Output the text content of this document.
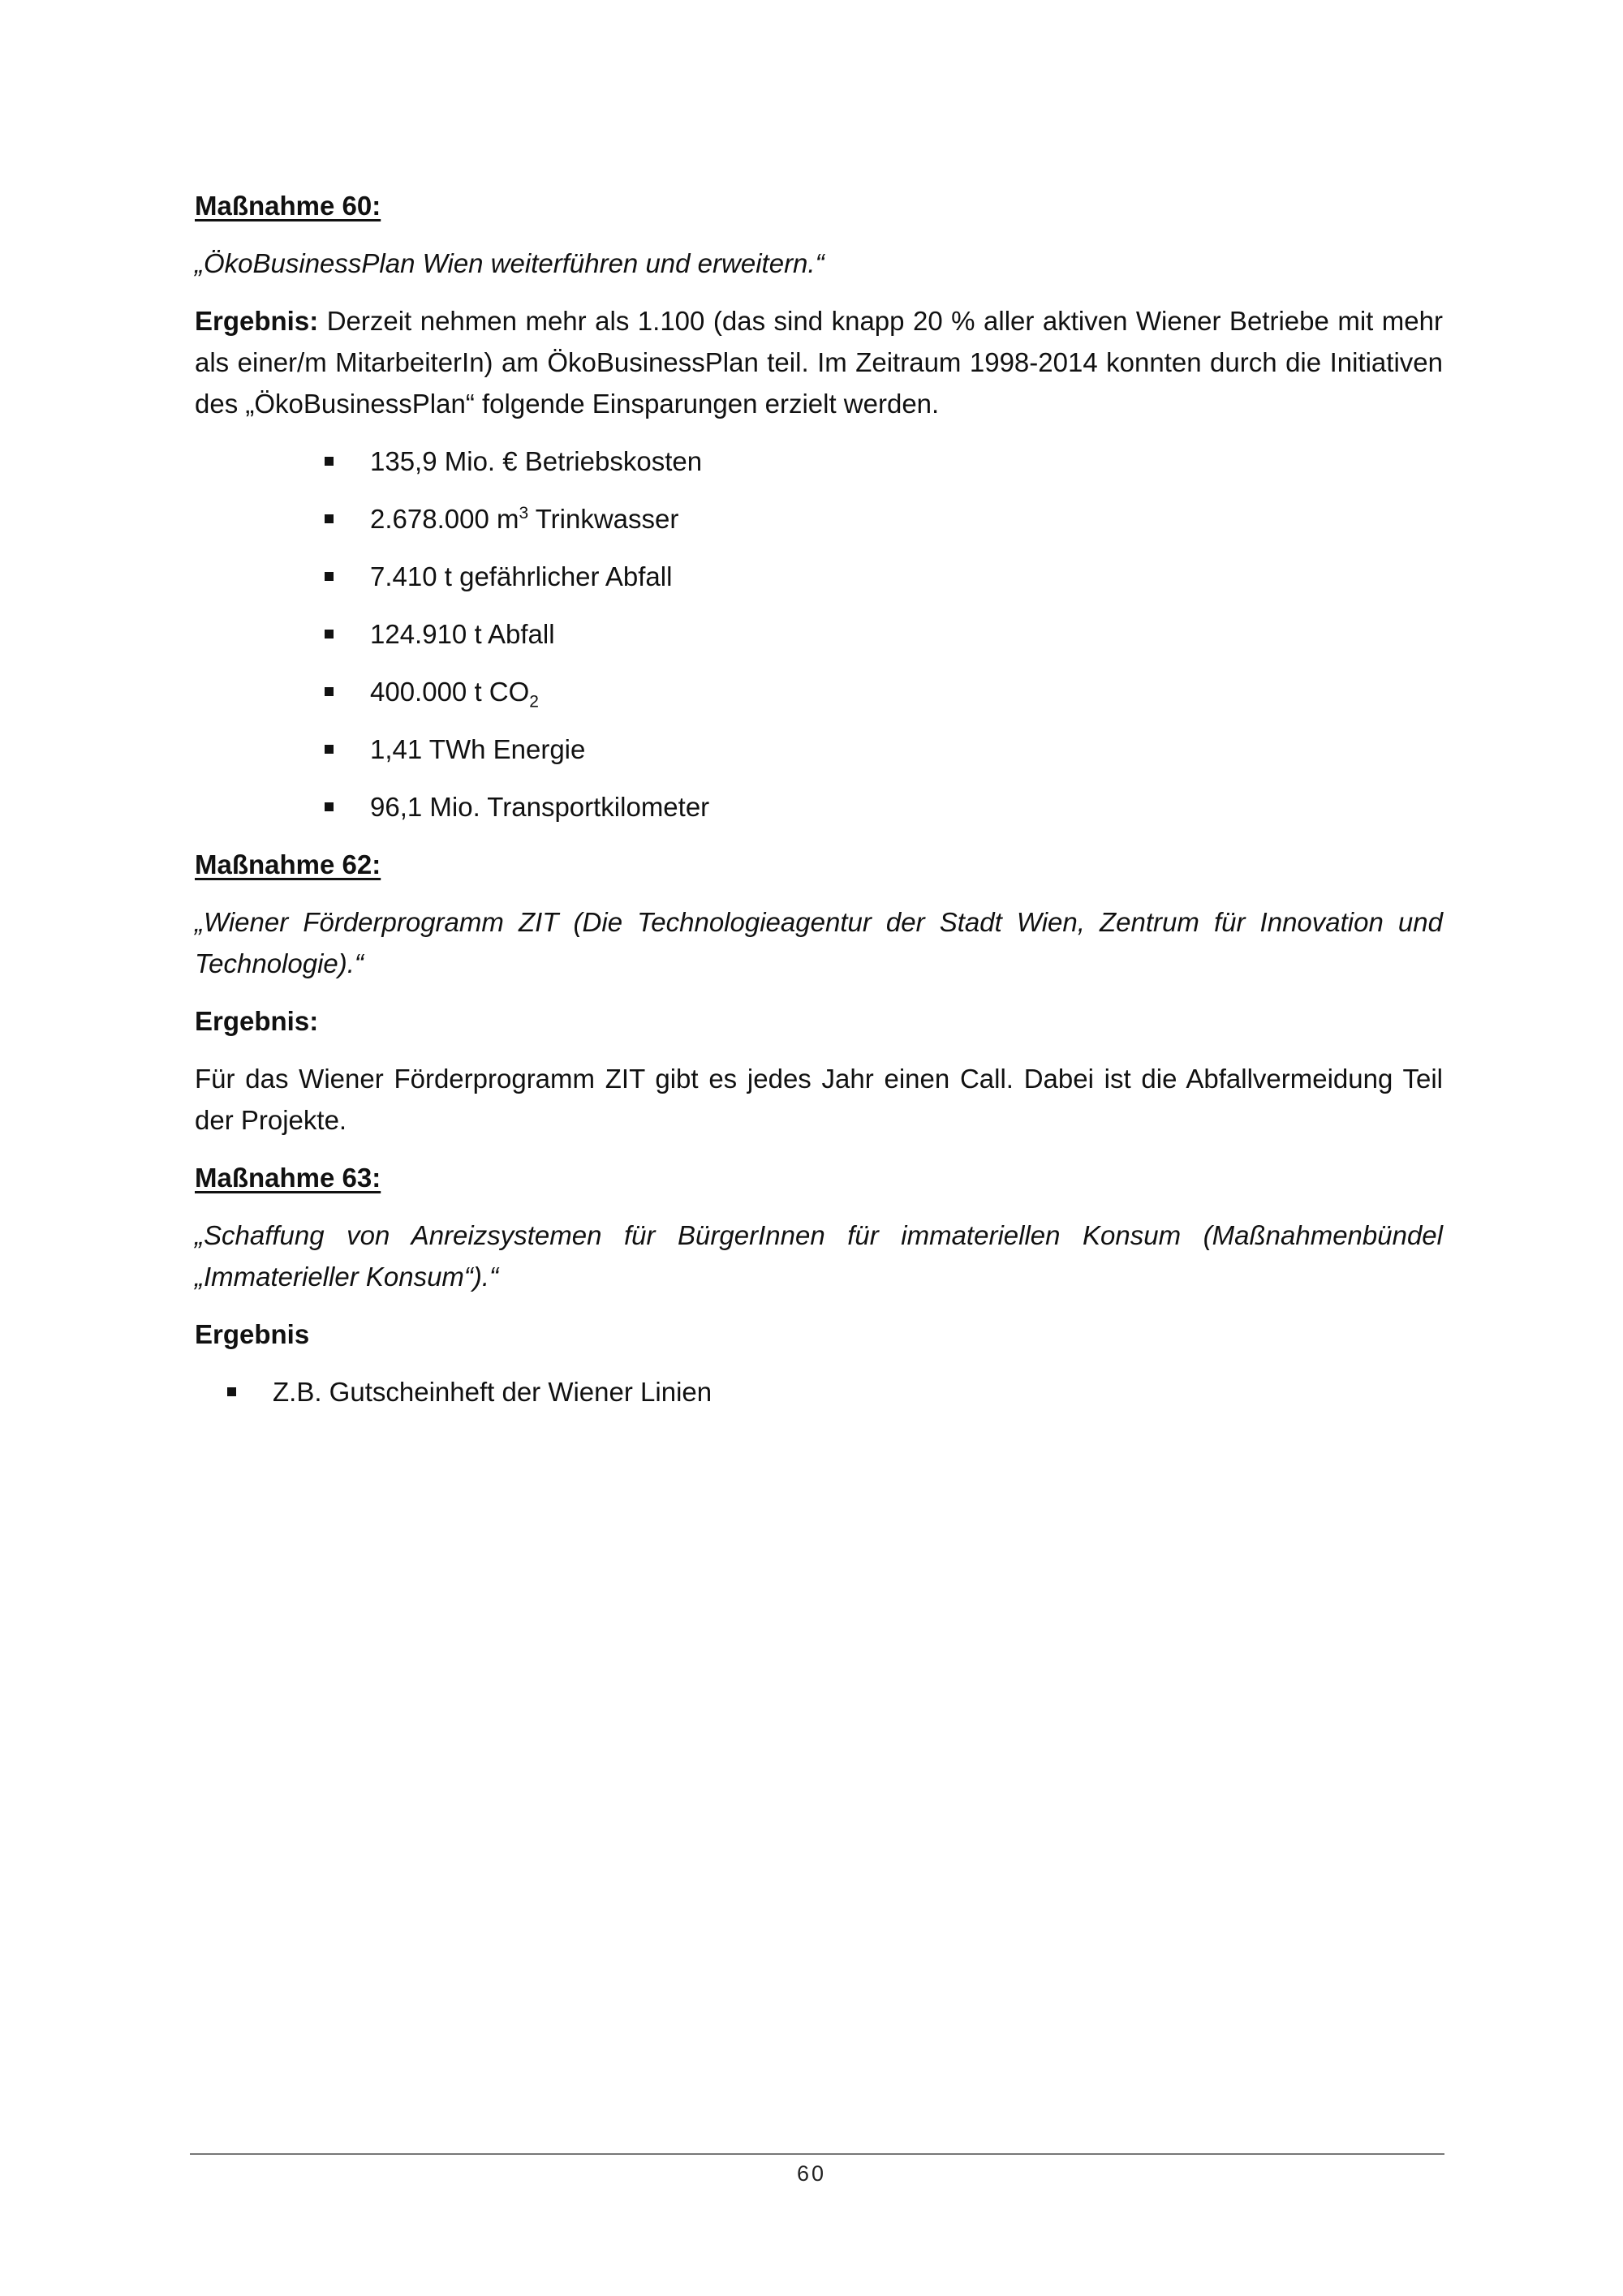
Maßnahme 60:

„ÖkoBusinessPlan Wien weiterführen und erweitern.“

Ergebnis: Derzeit nehmen mehr als 1.100 (das sind knapp 20 % aller aktiven Wiener Betriebe mit mehr als einer/m MitarbeiterIn) am ÖkoBusinessPlan teil. Im Zeitraum 1998-2014 konnten durch die Initiativen des „ÖkoBusinessPlan“ folgende Einsparungen erzielt werden.

135,9 Mio. € Betriebskosten
2.678.000 $m^3$ Trinkwasser
7.410 t gefährlicher Abfall
124.910 t Abfall
400.000 t $CO_2$
1,41 TWh Energie
96,1 Mio. Transportkilometer

Maßnahme 62:

„Wiener Förderprogramm ZIT (Die Technologieagentur der Stadt Wien, Zentrum für Innovation und Technologie).“

Ergebnis:

Für das Wiener Förderprogramm ZIT gibt es jedes Jahr einen Call. Dabei ist die Abfallvermeidung Teil der Projekte.

Maßnahme 63:

„Schaffung von Anreizsystemen für BürgerInnen für immateriellen Konsum (Maßnahmenbündel „Immaterieller Konsum“).“

Ergebnis

Z.B. Gutscheinheft der Wiener Linien
60
